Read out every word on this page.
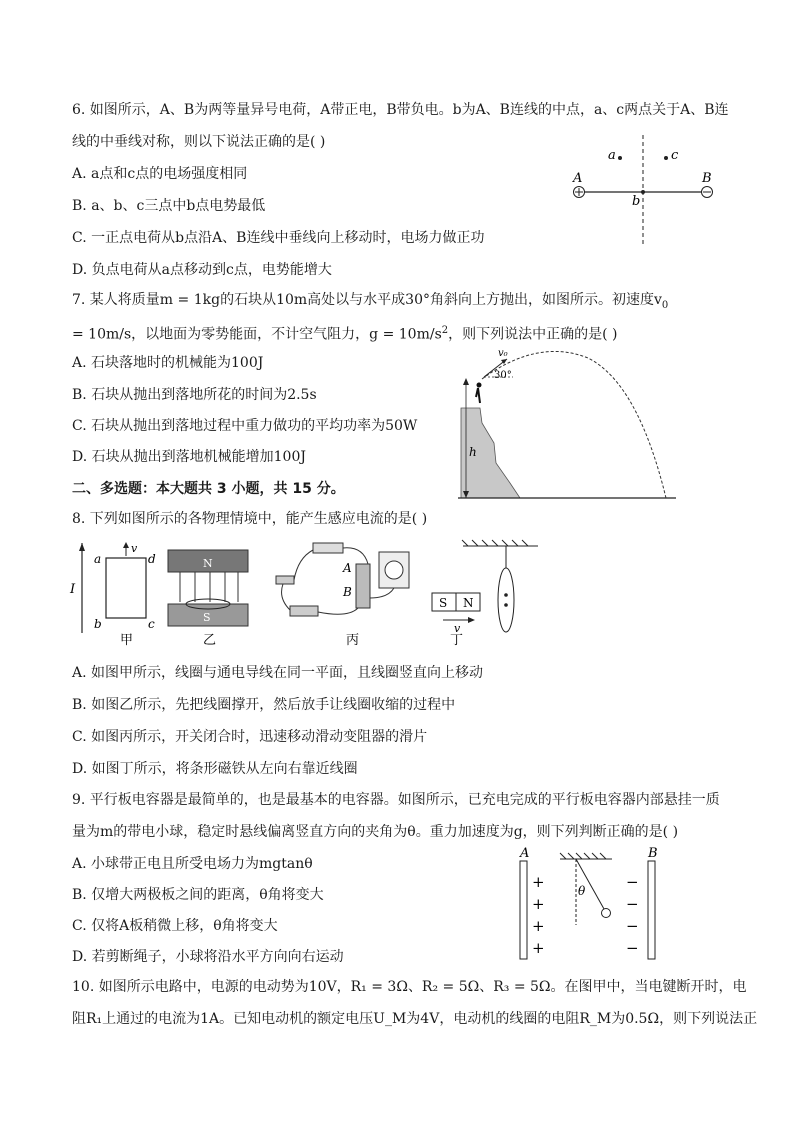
6. 如图所示，A、B为两等量异号电荷，A带正电，B带负电。b为A、B连线的中点，a、c两点关于A、B连
线的中垂线对称，则以下说法正确的是( )
A. a点和c点的电场强度相同
B. a、b、c三点中b点电势最低
C. 一正点电荷从b点沿A、B连线中垂线向上移动时，电场力做正功
D. 负点电荷从a点移动到c点，电势能增大
a	c
A	B
b
7. 某人将质量m = 1kg的石块从10m高处以与水平成30°角斜向上方抛出，如图所示。初速度$v_0$
= 10m/s，以地面为零势能面，不计空气阻力，$g = 10m/s^2$，则下列说法中正确的是( )
A. 石块落地时的机械能为100J
B. 石块从抛出到落地所花的时间为2.5s
C. 石块从抛出到落地过程中重力做功的平均功率为50W
D. 石块从抛出到落地机械能增加100J	h
v₀
30°
二、多选题：本大题共 3 小题，共 15 分。
8. 下列如图所示的各物理情境中，能产生感应电流的是( )
I
v
a	d
b	c
甲
N
S
乙
A
B
丙
S N
v
丁
A. 如图甲所示，线圈与通电导线在同一平面，且线圈竖直向上移动
B. 如图乙所示，先把线圈撑开，然后放手让线圈收缩的过程中
C. 如图丙所示，开关闭合时，迅速移动滑动变阻器的滑片
D. 如图丁所示，将条形磁铁从左向右靠近线圈
9. 平行板电容器是最简单的，也是最基本的电容器。如图所示，已充电完成的平行板电容器内部悬挂一质
量为m的带电小球，稳定时悬线偏离竖直方向的夹角为θ。重力加速度为g，则下列判断正确的是( )
A. 小球带正电且所受电场力为mgtanθ
B. 仅增大两极板之间的距离，θ角将变大
C. 仅将A板稍微上移，θ角将变大
D. 若剪断绳子，小球将沿水平方向向右运动
A	B
+
+
+
+
−
−
−
−
θ
10. 如图所示电路中，电源的电动势为10V，R₁ = 3Ω、R₂ = 5Ω、R₃ = 5Ω。在图甲中，当电键断开时，电
阻R₁上通过的电流为1A。已知电动机的额定电压U_M为4V，电动机的线圈的电阻R_M为0.5Ω，则下列说法正
